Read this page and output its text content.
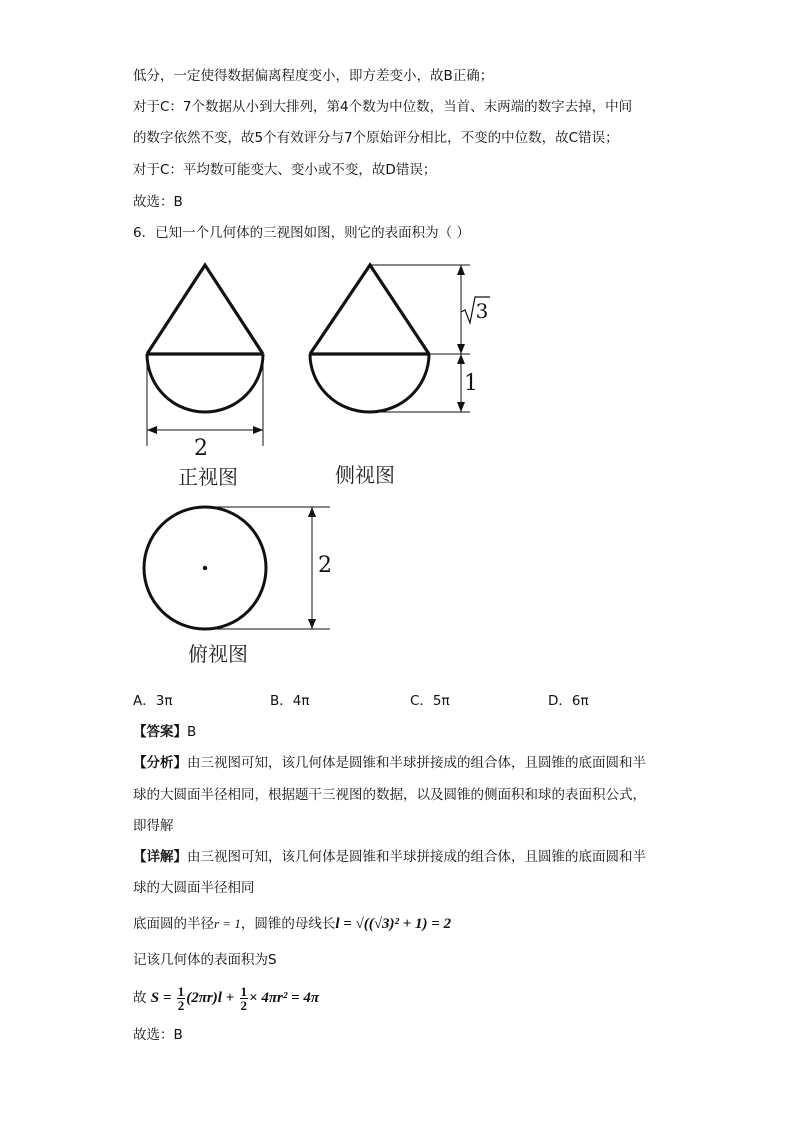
低分，一定使得数据偏离程度变小，即方差变小，故B正确；
对于C：7个数据从小到大排列，第4个数为中位数，当首、末两端的数字去掉，中间
的数字依然不变，故5个有效评分与7个原始评分相比，不变的中位数，故C错误；
对于C：平均数可能变大、变小或不变，故D错误；
故选：B
6．已知一个几何体的三视图如图，则它的表面积为（ ）
2
正视图
3
1
侧视图
2
俯视图
A．3π	B．4π	C．5π	D．6π
【答案】B
【分析】由三视图可知，该几何体是圆锥和半球拼接成的组合体，且圆锥的底面圆和半
球的大圆面半径相同，根据题干三视图的数据，以及圆锥的侧面积和球的表面积公式，
即得解
【详解】由三视图可知，该几何体是圆锥和半球拼接成的组合体，且圆锥的底面圆和半
球的大圆面半径相同
底面圆的半径r = 1，圆锥的母线长l = √((√3)² + 1) = 2
记该几何体的表面积为S
故 $S = \frac{1}{2} (2\pi r)l + \frac{1}{2} \times 4\pi r^2 = 4\pi$
故选：B
